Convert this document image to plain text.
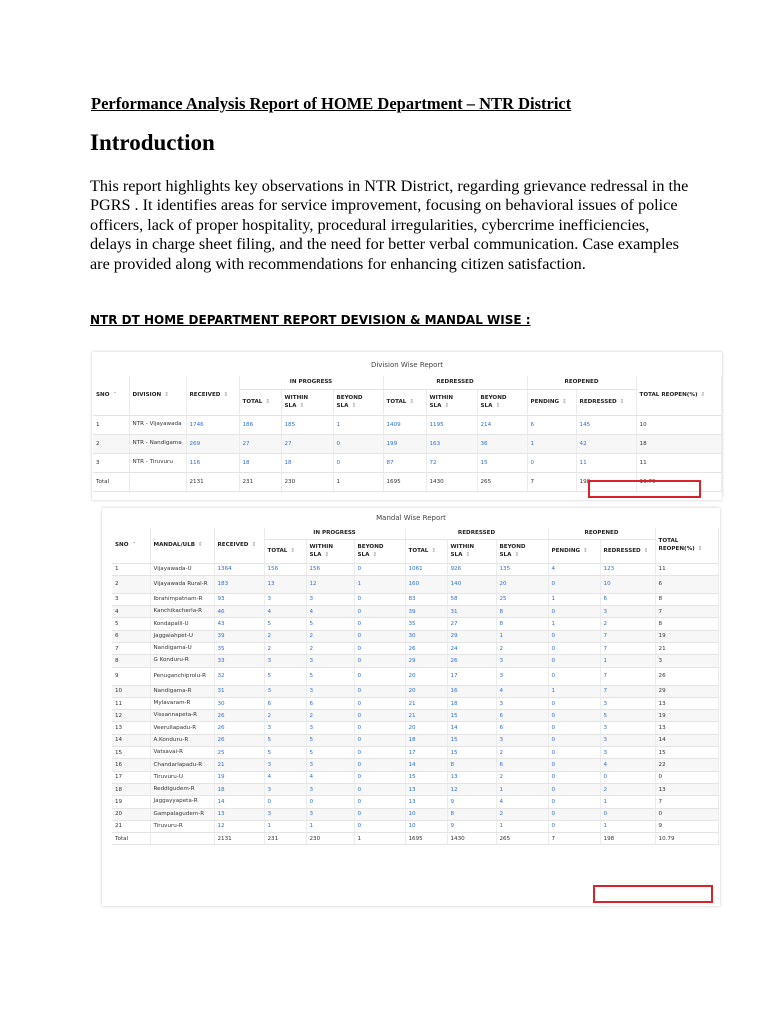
Performance Analysis Report of HOME Department – NTR District
Introduction
This report highlights key observations in NTR District, regarding grievance redressal in the PGRS . It identifies areas for service improvement, focusing on behavioral issues of police officers, lack of proper hospitality, procedural irregularities, cybercrime inefficiencies, delays in charge sheet filing, and the need for better verbal communication. Case examples are provided along with recommendations for enhancing citizen satisfaction.
NTR DT HOME DEPARTMENT REPORT DEVISION & MANDAL WISE :
Division Wise Report
SNO ⌃	DIVISION ⇕	RECEIVED ⇕	IN PROGRESS			REDRESSED			REOPENED		TOTAL REOPEN(%) ⇕
			TOTAL ⇕	WITHIN SLA ⇕	BEYOND SLA ⇕	TOTAL ⇕	WITHIN SLA ⇕	BEYOND SLA ⇕	PENDING ⇕	REDRESSED ⇕	
1	NTR - Vijayawada	1746	186	185	1	1409	1195	214	6	145	10
2	NTR - Nandigama	269	27	27	0	199	163	36	1	42	18
3	NTR - Tiruvuru	116	18	18	0	87	72	15	0	11	11
Total		2131	231	230	1	1695	1430	265	7	198	10.79
Mandal Wise Report
SNO ⌃	MANDAL/ULB ⇕	RECEIVED ⇕	IN PROGRESS			REDRESSED			REOPENED		TOTAL REOPEN(%) ⇕
			TOTAL ⇕	WITHIN SLA ⇕	BEYOND SLA ⇕	TOTAL ⇕	WITHIN SLA ⇕	BEYOND SLA ⇕	PENDING ⇕	REDRESSED ⇕	
1	Vijayawada-U	1364	156	156	0	1061	926	135	4	123	11
2	Vijayawada Rural-R	183	13	12	1	160	140	20	0	10	6
3	Ibrahimpatnam-R	93	3	3	0	83	58	25	1	6	8
4	Kanchikacherla-R	46	4	4	0	39	31	8	0	3	7
5	Kondapalli-U	43	5	5	0	35	27	8	1	2	8
6	Jaggaiahpet-U	39	2	2	0	30	29	1	0	7	19
7	Nandigama-U	35	2	2	0	26	24	2	0	7	21
8	G Konduru-R	33	3	3	0	29	26	3	0	1	3
9	Penuganchiprolu-R	32	5	5	0	20	17	3	0	7	26
10	Nandigama-R	31	3	3	0	20	16	4	1	7	29
11	Mylavaram-R	30	6	6	0	21	18	3	0	3	13
12	Vissannapeta-R	26	2	2	0	21	15	6	0	5	19
13	Veerullapadu-R	26	3	3	0	20	14	6	0	3	13
14	A.Konduru-R	26	5	5	0	18	15	3	0	3	14
15	Vatsavai-R	25	5	5	0	17	15	2	0	3	15
16	Chandarlapadu-R	21	3	3	0	14	8	6	0	4	22
17	Tiruvuru-U	19	4	4	0	15	13	2	0	0	0
18	Reddigudem-R	18	3	3	0	13	12	1	0	2	13
19	Jaggayyapeta-R	14	0	0	0	13	9	4	0	1	7
20	Gampalagudem-R	13	3	3	0	10	8	2	0	0	0
21	Tiruvuru-R	12	1	1	0	10	9	1	0	1	9
Total		2131	231	230	1	1695	1430	265	7	198	10.79
